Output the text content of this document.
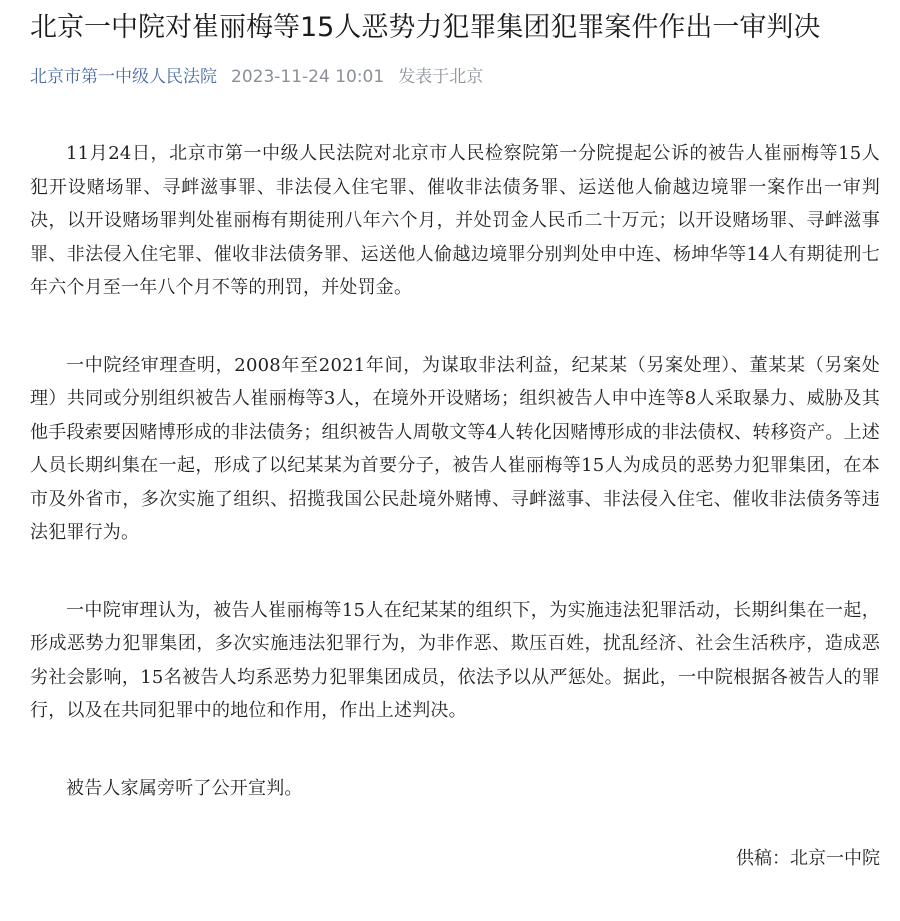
北京一中院对崔丽梅等15人恶势力犯罪集团犯罪案件作出一审判决
北京市第一中级人民法院 2023-11-24 10:01 发表于北京

11月24日，北京市第一中级人民法院对北京市人民检察院第一分院提起公诉的被告人崔丽梅等15人犯开设赌场罪、寻衅滋事罪、非法侵入住宅罪、催收非法债务罪、运送他人偷越边境罪一案作出一审判决，以开设赌场罪判处崔丽梅有期徒刑八年六个月，并处罚金人民币二十万元；以开设赌场罪、寻衅滋事罪、非法侵入住宅罪、催收非法债务罪、运送他人偷越边境罪分别判处申中连、杨坤华等14人有期徒刑七年六个月至一年八个月不等的刑罚，并处罚金。

一中院经审理查明，2008年至2021年间，为谋取非法利益，纪某某（另案处理）、董某某（另案处理）共同或分别组织被告人崔丽梅等3人，在境外开设赌场；组织被告人申中连等8人采取暴力、威胁及其他手段索要因赌博形成的非法债务；组织被告人周敬文等4人转化因赌博形成的非法债权、转移资产。上述人员长期纠集在一起，形成了以纪某某为首要分子，被告人崔丽梅等15人为成员的恶势力犯罪集团，在本市及外省市，多次实施了组织、招揽我国公民赴境外赌博、寻衅滋事、非法侵入住宅、催收非法债务等违法犯罪行为。

一中院审理认为，被告人崔丽梅等15人在纪某某的组织下，为实施违法犯罪活动，长期纠集在一起，形成恶势力犯罪集团，多次实施违法犯罪行为，为非作恶、欺压百姓，扰乱经济、社会生活秩序，造成恶劣社会影响，15名被告人均系恶势力犯罪集团成员，依法予以从严惩处。据此，一中院根据各被告人的罪行，以及在共同犯罪中的地位和作用，作出上述判决。

被告人家属旁听了公开宣判。

供稿：北京一中院
